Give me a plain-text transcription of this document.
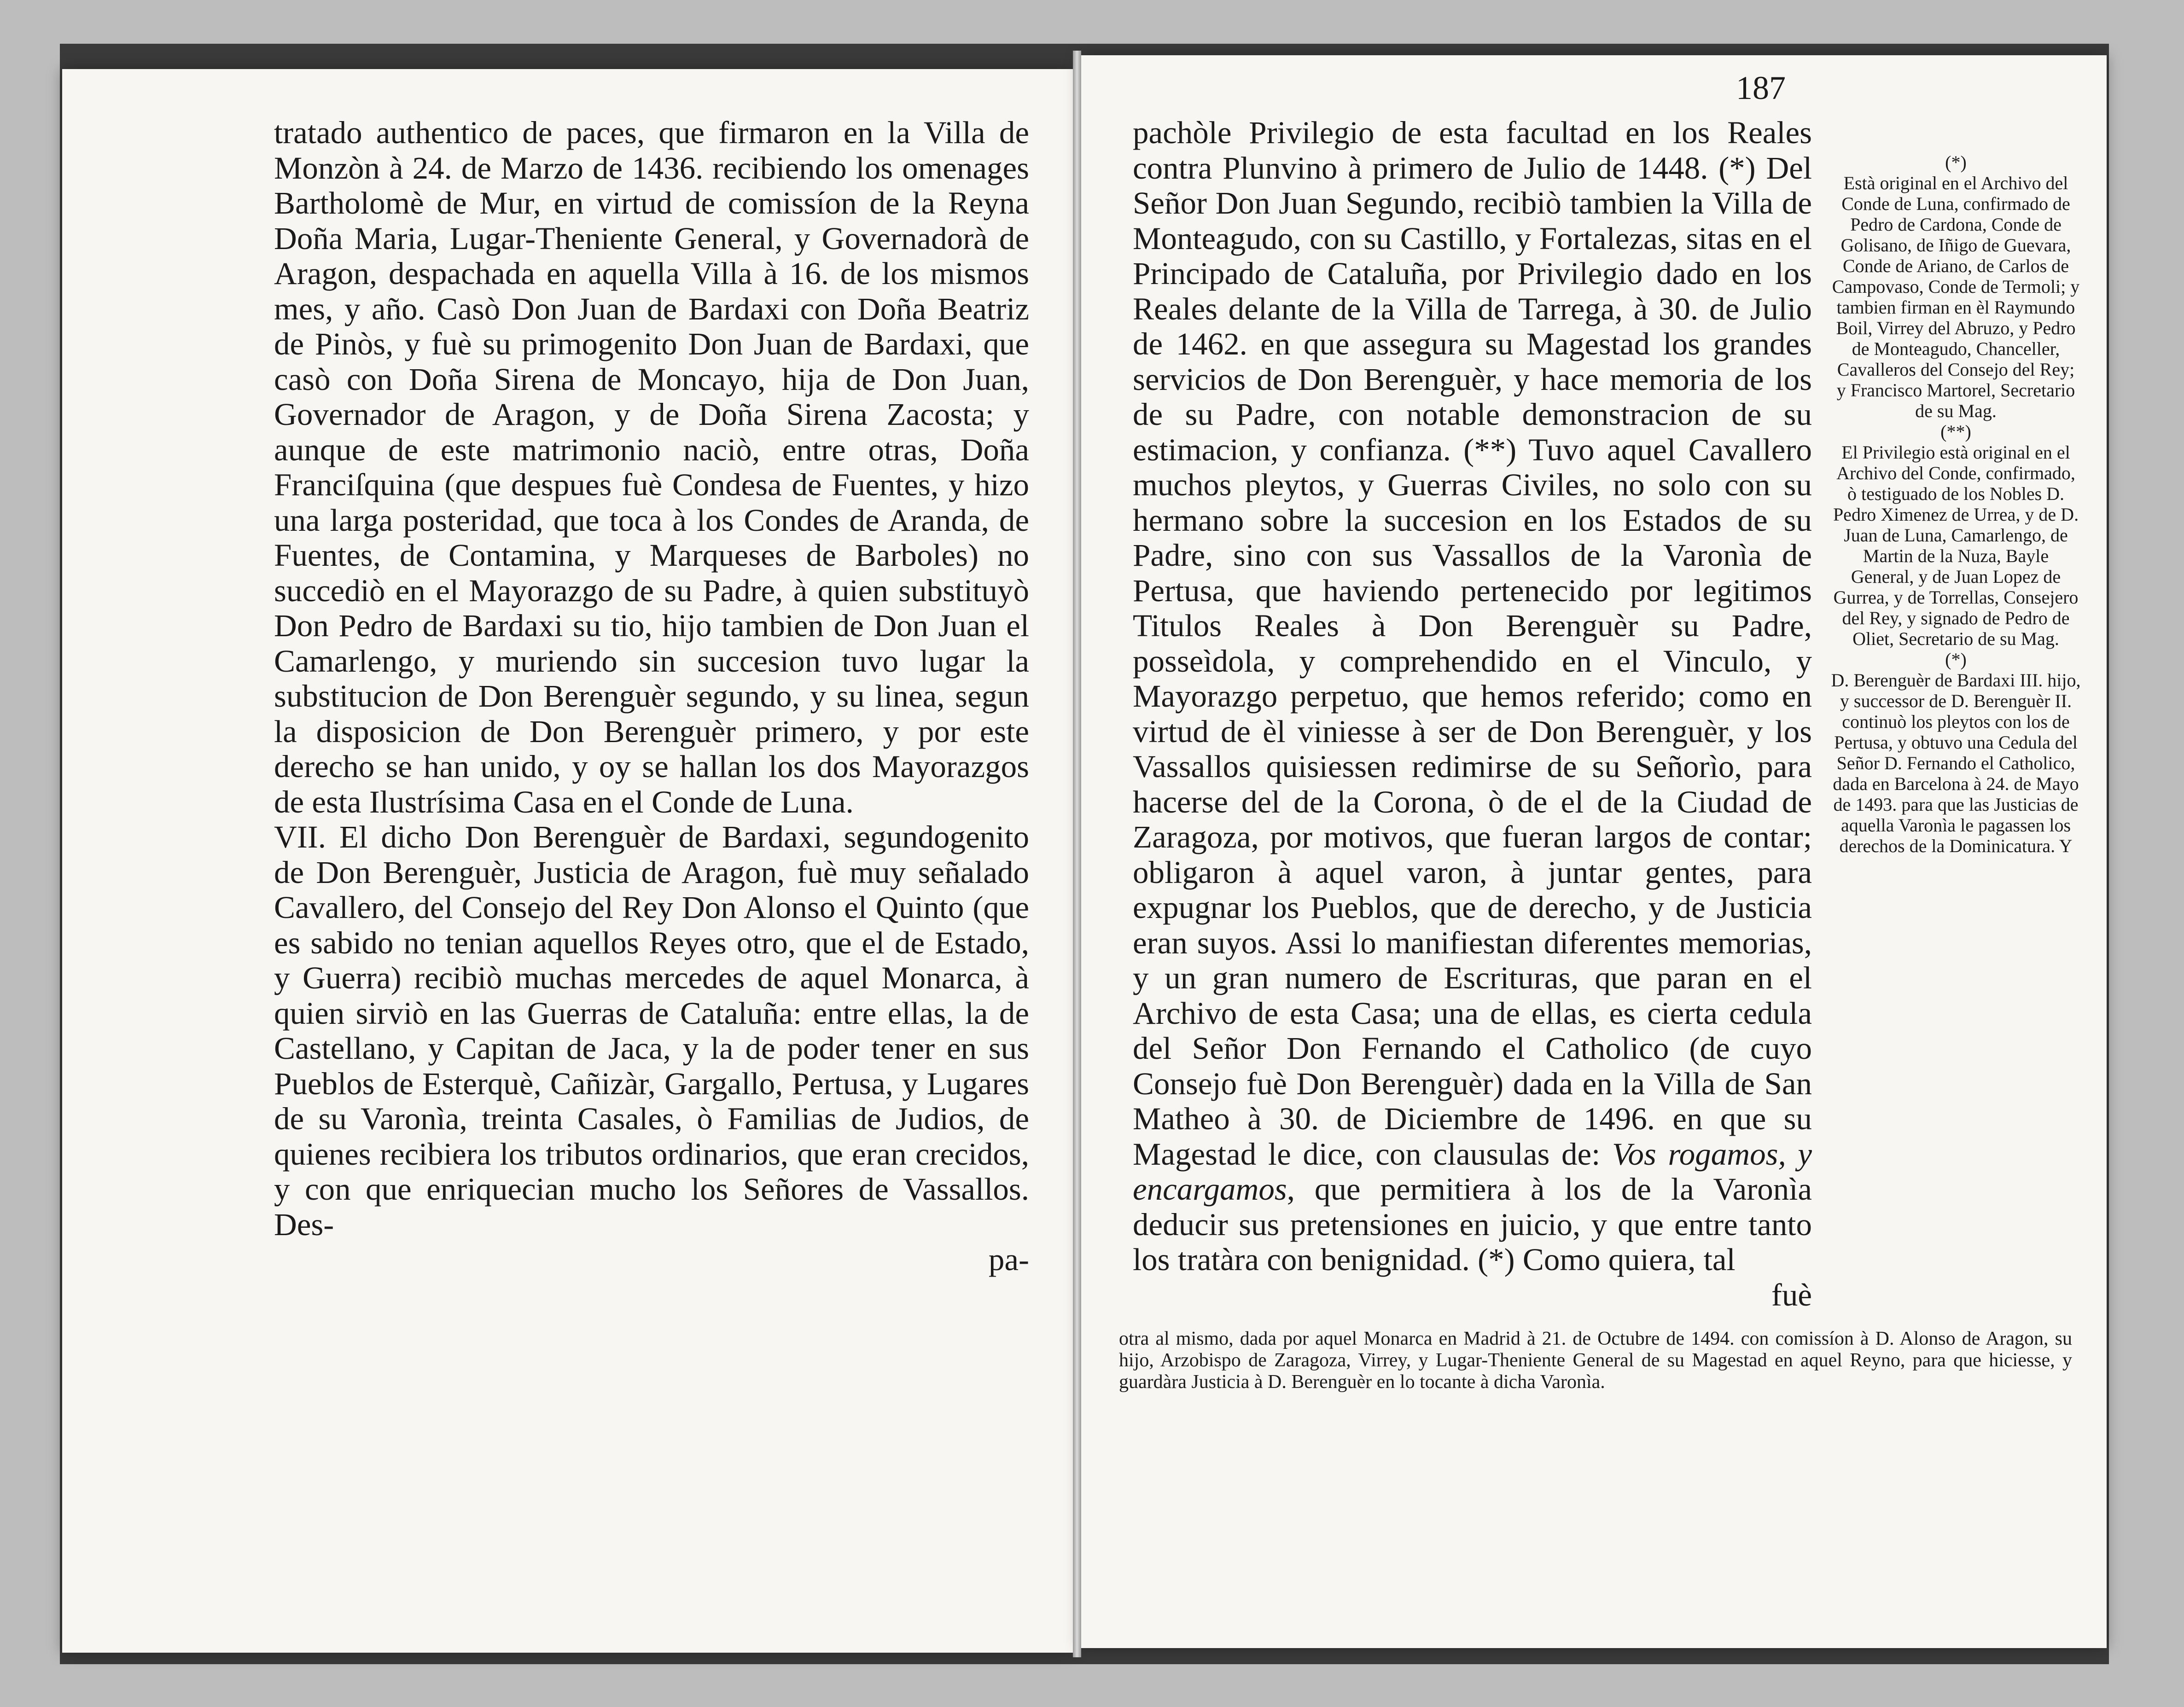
tratado authentico de paces, que firmaron en la Villa de Monzòn à 24. de Marzo de 1436. recibiendo los omenages Bartholomè de Mur, en virtud de comissíon de la Reyna Doña Maria, Lugar-Theniente General, y Governadorà de Aragon, despachada en aquella Villa à 16. de los mismos mes, y año. Casò Don Juan de Bardaxi con Doña Beatriz de Pinòs, y fuè su primogenito Don Juan de Bardaxi, que casò con Doña Sirena de Moncayo, hija de Don Juan, Governador de Aragon, y de Doña Sirena Zacosta; y aunque de este matrimonio naciò, entre otras, Doña Franciſquina (que despues fuè Condesa de Fuentes, y hizo una larga posteridad, que toca à los Condes de Aranda, de Fuentes, de Contamina, y Marqueses de Barboles) no succediò en el Mayorazgo de su Padre, à quien substituyò Don Pedro de Bardaxi su tio, hijo tambien de Don Juan el Camarlengo, y muriendo sin succesion tuvo lugar la substitucion de Don Berenguèr segundo, y su linea, segun la disposicion de Don Berenguèr primero, y por este derecho se han unido, y oy se hallan los dos Mayorazgos de esta Ilustrísima Casa en el Conde de Luna.

VII. El dicho Don Berenguèr de Bardaxi, segundogenito de Don Berenguèr, Justicia de Aragon, fuè muy señalado Cavallero, del Consejo del Rey Don Alonso el Quinto (que es sabido no tenian aquellos Reyes otro, que el de Estado, y Guerra) recibiò muchas mercedes de aquel Monarca, à quien sirviò en las Guerras de Cataluña: entre ellas, la de Castellano, y Capitan de Jaca, y la de poder tener en sus Pueblos de Esterquè, Cañizàr, Gargallo, Pertusa, y Lugares de su Varonìa, treinta Casales, ò Familias de Judios, de quienes recibiera los tributos ordinarios, que eran crecidos, y con que enriquecian mucho los Señores de Vassallos. Des-

pa-
187

pachòle Privilegio de esta facultad en los Reales contra Plunvino à primero de Julio de 1448. (*) Del Señor Don Juan Segundo, recibiò tambien la Villa de Monteagudo, con su Castillo, y Fortalezas, sitas en el Principado de Cataluña, por Privilegio dado en los Reales delante de la Villa de Tarrega, à 30. de Julio de 1462. en que assegura su Magestad los grandes servicios de Don Berenguèr, y hace memoria de los de su Padre, con notable demonstracion de su estimacion, y confianza. (**) Tuvo aquel Cavallero muchos pleytos, y Guerras Civiles, no solo con su hermano sobre la succesion en los Estados de su Padre, sino con sus Vassallos de la Varonìa de Pertusa, que haviendo pertenecido por legitimos Titulos Reales à Don Berenguèr su Padre, posseìdola, y comprehendido en el Vinculo, y Mayorazgo perpetuo, que hemos referido; como en virtud de èl viniesse à ser de Don Berenguèr, y los Vassallos quisiessen redimirse de su Señorìo, para hacerse del de la Corona, ò de el de la Ciudad de Zaragoza, por motivos, que fueran largos de contar; obligaron à aquel varon, à juntar gentes, para expugnar los Pueblos, que de derecho, y de Justicia eran suyos. Assi lo manifiestan diferentes memorias, y un gran numero de Escrituras, que paran en el Archivo de esta Casa; una de ellas, es cierta cedula del Señor Don Fernando el Catholico (de cuyo Consejo fuè Don Berenguèr) dada en la Villa de San Matheo à 30. de Diciembre de 1496. en que su Magestad le dice, con clausulas de: Vos rogamos, y encargamos, que permitiera à los de la Varonìa deducir sus pretensiones en juicio, y que entre tanto los tratàra con benignidad. (*) Como quiera, tal

fuè
(*)

Està original en el Archivo del Conde de Luna, confirmado de Pedro de Cardona, Conde de Golisano, de Iñigo de Guevara, Conde de Ariano, de Carlos de Campovaso, Conde de Termoli; y tambien firman en èl Raymundo Boil, Virrey del Abruzo, y Pedro de Monteagudo, Chanceller, Cavalleros del Consejo del Rey; y Francisco Martorel, Secretario de su Mag.

(**)

El Privilegio està original en el Archivo del Conde, confirmado, ò testiguado de los Nobles D. Pedro Ximenez de Urrea, y de D. Juan de Luna, Camarlengo, de Martin de la Nuza, Bayle General, y de Juan Lopez de Gurrea, y de Torrellas, Consejero del Rey, y signado de Pedro de Oliet, Secretario de su Mag.

(*)

D. Berenguèr de Bardaxi III. hijo, y successor de D. Berenguèr II. continuò los pleytos con los de Pertusa, y obtuvo una Cedula del Señor D. Fernando el Catholico, dada en Barcelona à 24. de Mayo de 1493. para que las Justicias de aquella Varonìa le pagassen los derechos de la Dominicatura. Y

otra al mismo, dada por aquel Monarca en Madrid à 21. de Octubre de 1494. con comissíon à D. Alonso de Aragon, su hijo, Arzobispo de Zaragoza, Virrey, y Lugar-Theniente General de su Magestad en aquel Reyno, para que hiciesse, y guardàra Justicia à D. Berenguèr en lo tocante à dicha Varonìa.
